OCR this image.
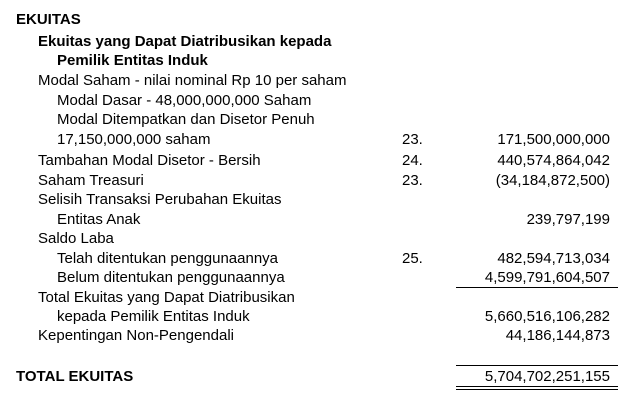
EKUITAS
Ekuitas yang Dapat Diatribusikan kepada
Pemilik Entitas Induk
Modal Saham - nilai nominal Rp 10 per saham
Modal Dasar - 48,000,000,000 Saham
Modal Ditempatkan dan Disetor Penuh
17,150,000,000 saham	23.	171,500,000,000
Tambahan Modal Disetor - Bersih	24.	440,574,864,042
Saham Treasuri	23.	(34,184,872,500)
Selisih Transaksi Perubahan Ekuitas
Entitas Anak	239,797,199
Saldo Laba
Telah ditentukan penggunaannya	25.	482,594,713,034
Belum ditentukan penggunaannya	4,599,791,604,507
Total Ekuitas yang Dapat Diatribusikan
kepada Pemilik Entitas Induk	5,660,516,106,282
Kepentingan Non-Pengendali	44,186,144,873
TOTAL EKUITAS	5,704,702,251,155
